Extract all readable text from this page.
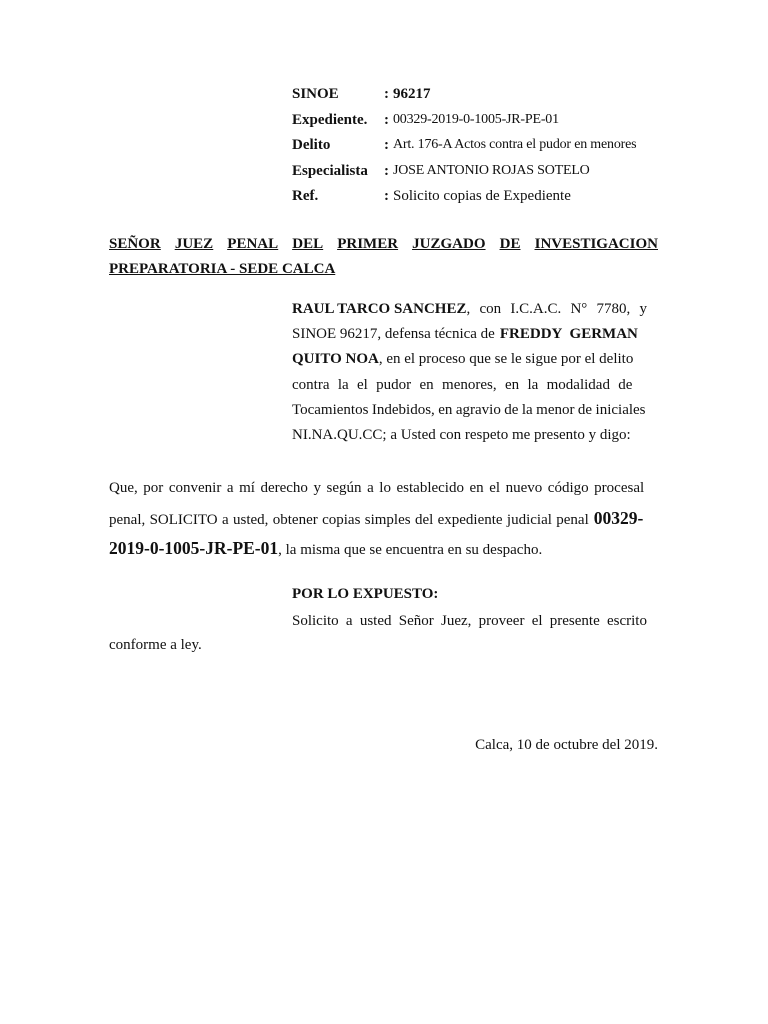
SINOE	: 96217
Expediente.	: 00329-2019-0-1005-JR-PE-01
Delito	: Art. 176-A Actos contra el pudor en menores
Especialista	: JOSE ANTONIO ROJAS SOTELO
Ref.	: Solicito copias de Expediente
SEÑOR JUEZ PENAL DEL PRIMER JUZGADO DE INVESTIGACION
PREPARATORIA - SEDE CALCA
RAUL TARCO SANCHEZ , con I.C.A.C. N° 7780, y
SINOE 96217, defensa técnica de FREDDY GERMAN
QUITO NOA , en el proceso que se le sigue por el delito
contra la el pudor en menores, en la modalidad de
Tocamientos Indebidos, en agravio de la menor de iniciales
NI.NA.QU.CC; a Usted con respeto me presento y digo:
Que, por convenir a mí derecho y según a lo establecido en el nuevo código procesal
penal, SOLICITO a usted, obtener copias simples del expediente judicial penal 00329-
2019-0-1005-JR-PE-01 , la misma que se encuentra en su despacho.
POR LO EXPUESTO:
Solicito a usted Señor Juez, proveer el presente escrito
conforme a ley.
Calca, 10 de octubre del 2019.
